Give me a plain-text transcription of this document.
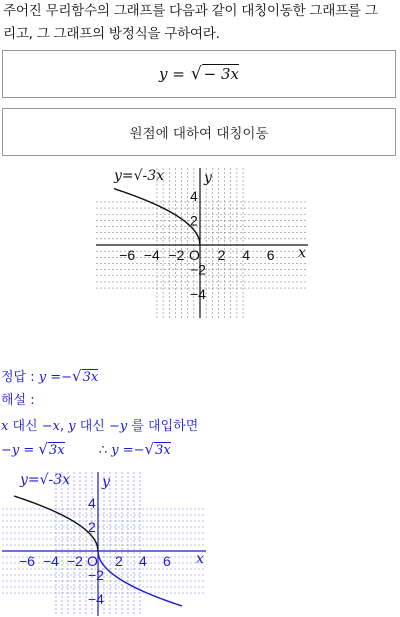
주어진 무리함수의 그래프를 다음과 같이 대칭이동한 그래프를 그
리고, 그 그래프의 방정식을 구하여라.
y = √ − 3x
원점에 대하여 대칭이동
−6 −4 −2 2 4 6
4
2
−2
−4
O	x
y
y=√-3x
정답 : y =−√3x
해설 :
x 대신 −x, y 대신 −y 를 대입하면
−y = √3x	∴ y =−√3x
−6 −4 −2 2 4 6
4
2
−2
−4
O	x
y
y=√-3x
